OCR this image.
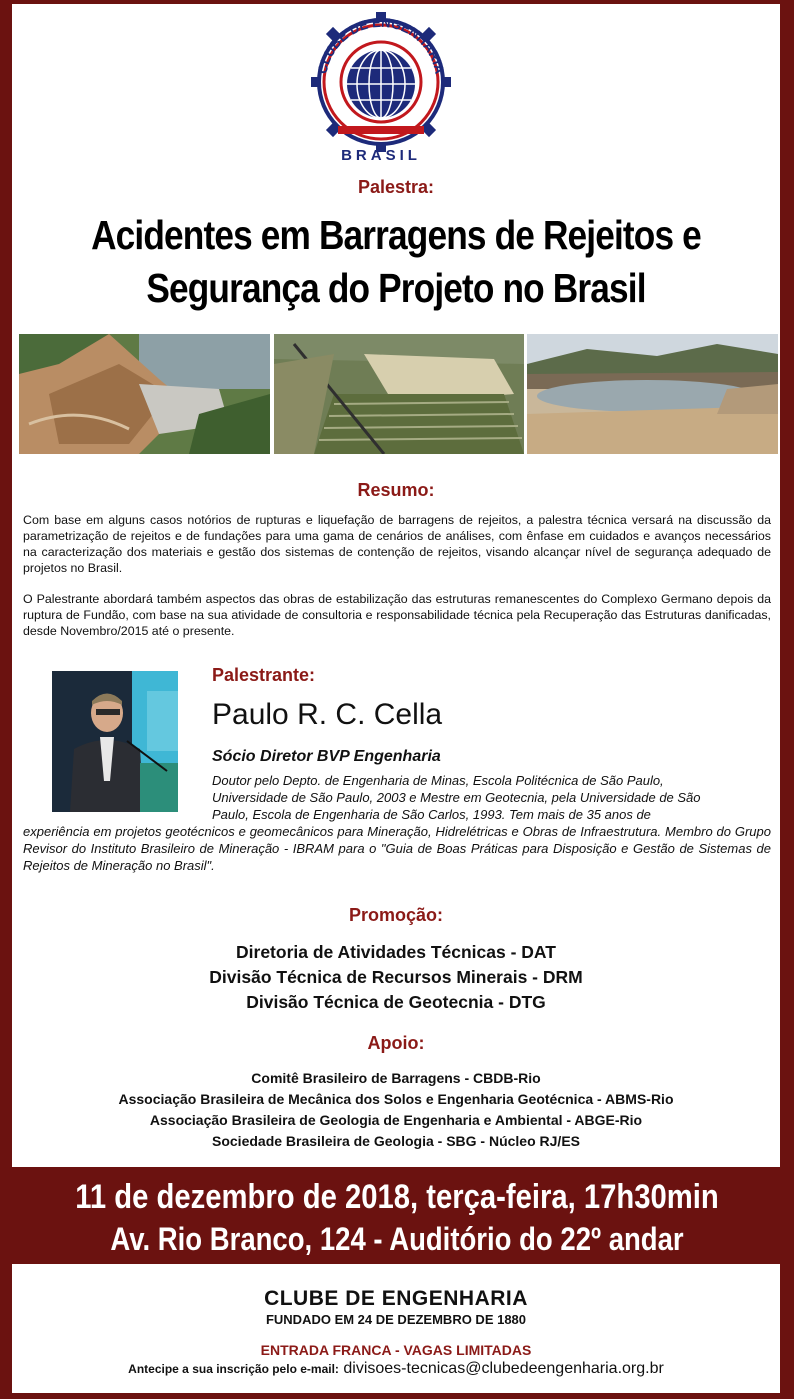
CLUBE DE ENGENHARIA
BRASIL
Palestra:
Acidentes em Barragens de Rejeitos e
Segurança do Projeto no Brasil
Resumo:
Com base em alguns casos notórios de rupturas e liquefação de barragens de rejeitos, a palestra técnica versará na discussão da parametrização de rejeitos e de fundações para uma gama de cenários de análises, com ênfase em cuidados e avanços necessários na caracterização dos materiais e gestão dos sistemas de contenção de rejeitos, visando alcançar nível de segurança adequado de projetos no Brasil.
O Palestrante abordará também aspectos das obras de estabilização das estruturas remanescentes do Complexo Germano depois da ruptura de Fundão, com base na sua atividade de consultoria e responsabilidade técnica pela Recuperação das Estruturas danificadas, desde Novembro/2015 até o presente.
Palestrante:
Paulo R. C. Cella
Sócio Diretor BVP Engenharia
Doutor pelo Depto. de Engenharia de Minas, Escola Politécnica de São Paulo,
Universidade de São Paulo, 2003 e Mestre em Geotecnia, pela Universidade de São
Paulo, Escola de Engenharia de São Carlos, 1993. Tem mais de 35 anos de
experiência em projetos geotécnicos e geomecânicos para Mineração, Hidrelétricas e Obras de Infraestrutura. Membro do Grupo Revisor do Instituto Brasileiro de Mineração - IBRAM para o "Guia de Boas Práticas para Disposição e Gestão de Sistemas de Rejeitos de Mineração no Brasil".
Promoção:
Diretoria de Atividades Técnicas - DAT
Divisão Técnica de Recursos Minerais - DRM
Divisão Técnica de Geotecnia - DTG
Apoio:
Comitê Brasileiro de Barragens - CBDB-Rio
Associação Brasileira de Mecânica dos Solos e Engenharia Geotécnica - ABMS-Rio
Associação Brasileira de Geologia de Engenharia e Ambiental - ABGE-Rio
Sociedade Brasileira de Geologia - SBG - Núcleo RJ/ES
11 de dezembro de 2018, terça-feira, 17h30min
Av. Rio Branco, 124 - Auditório do 22º andar
CLUBE DE ENGENHARIA
FUNDADO EM 24 DE DEZEMBRO DE 1880
ENTRADA FRANCA - VAGAS LIMITADAS
Antecipe a sua inscrição pelo e-mail: divisoes-tecnicas@clubedeengenharia.org.br
